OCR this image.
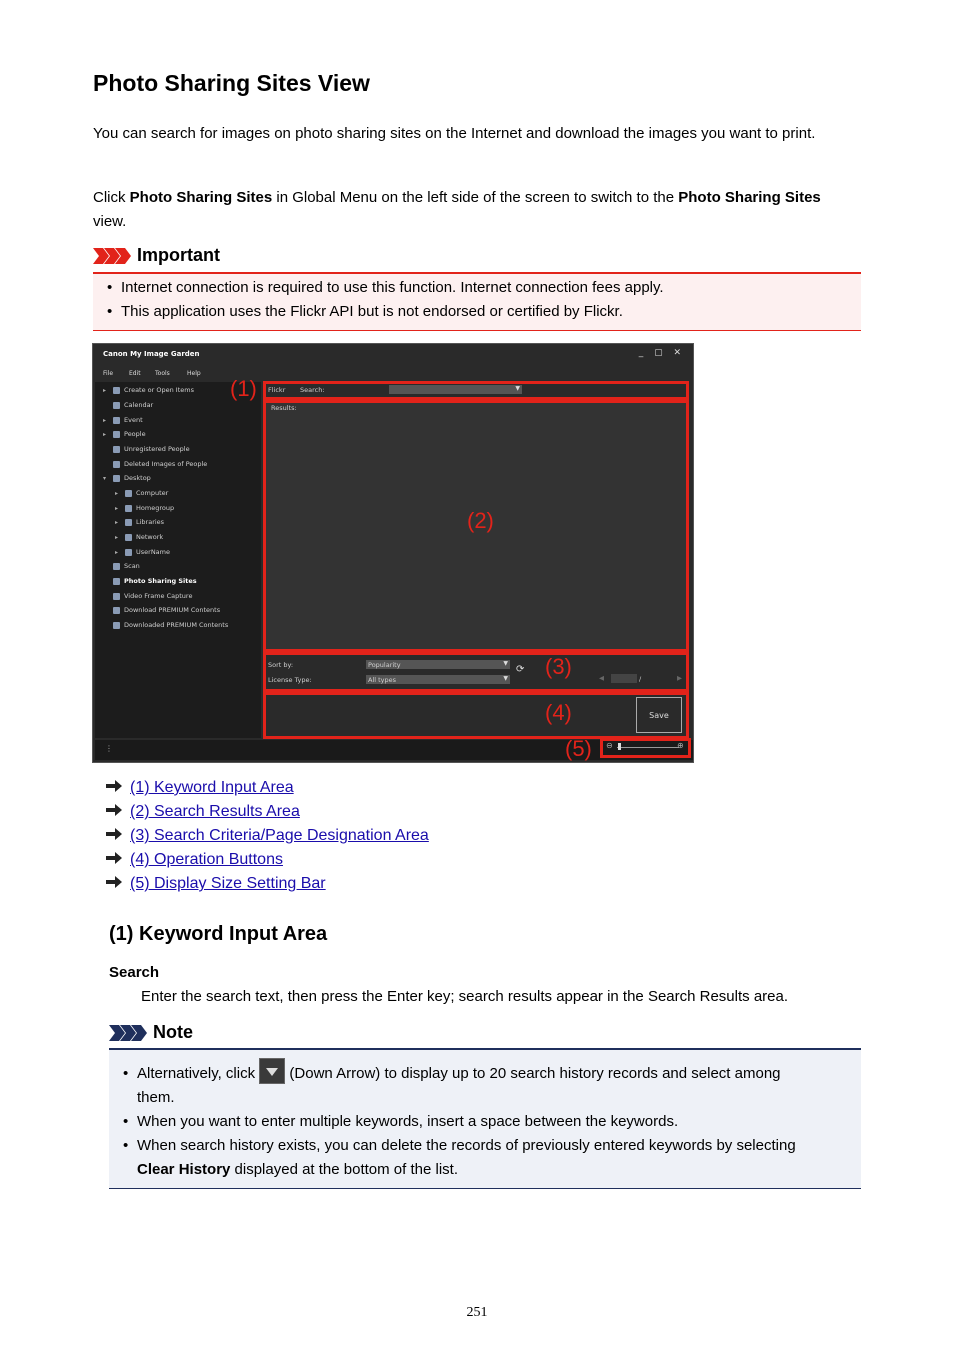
Photo Sharing Sites View

You can search for images on photo sharing sites on the Internet and download the images you want to print.

Click Photo Sharing Sites in Global Menu on the left side of the screen to switch to the Photo Sharing Sites view.

Important
• Internet connection is required to use this function. Internet connection fees apply.
• This application uses the Flickr API but is not endorsed or certified by Flickr.
Canon My Image Garden	_ ▢ ✕
File	Edit Tools	Help
▸	Create or Open Items
Calendar
▸	Event
▸	People
Unregistered People
Deleted Images of People
▾	Desktop
▸	Computer
▸	Homegroup
▸	Libraries
▸	Network
▸	UserName
Scan
Photo Sharing Sites
Video Frame Capture
Download PREMIUM Contents
Downloaded PREMIUM Contents
Flickr Search:	▼
(1)
Results:
(2)
Sort by:	Popularity	▼
License Type:	All types	▼
⟳ (3)	◀	/	▶
(4)	Save
⊖	⊕
(5)
⋮
(1) Keyword Input Area
(2) Search Results Area
(3) Search Criteria/Page Designation Area
(4) Operation Buttons
(5) Display Size Setting Bar
(1) Keyword Input Area
Search
Enter the search text, then press the Enter key; search results appear in the Search Results area.
Note
• Alternatively, click  (Down Arrow) to display up to 20 search history records and select among
them.
• When you want to enter multiple keywords, insert a space between the keywords.
• When search history exists, you can delete the records of previously entered keywords by selecting
Clear History displayed at the bottom of the list.
251
